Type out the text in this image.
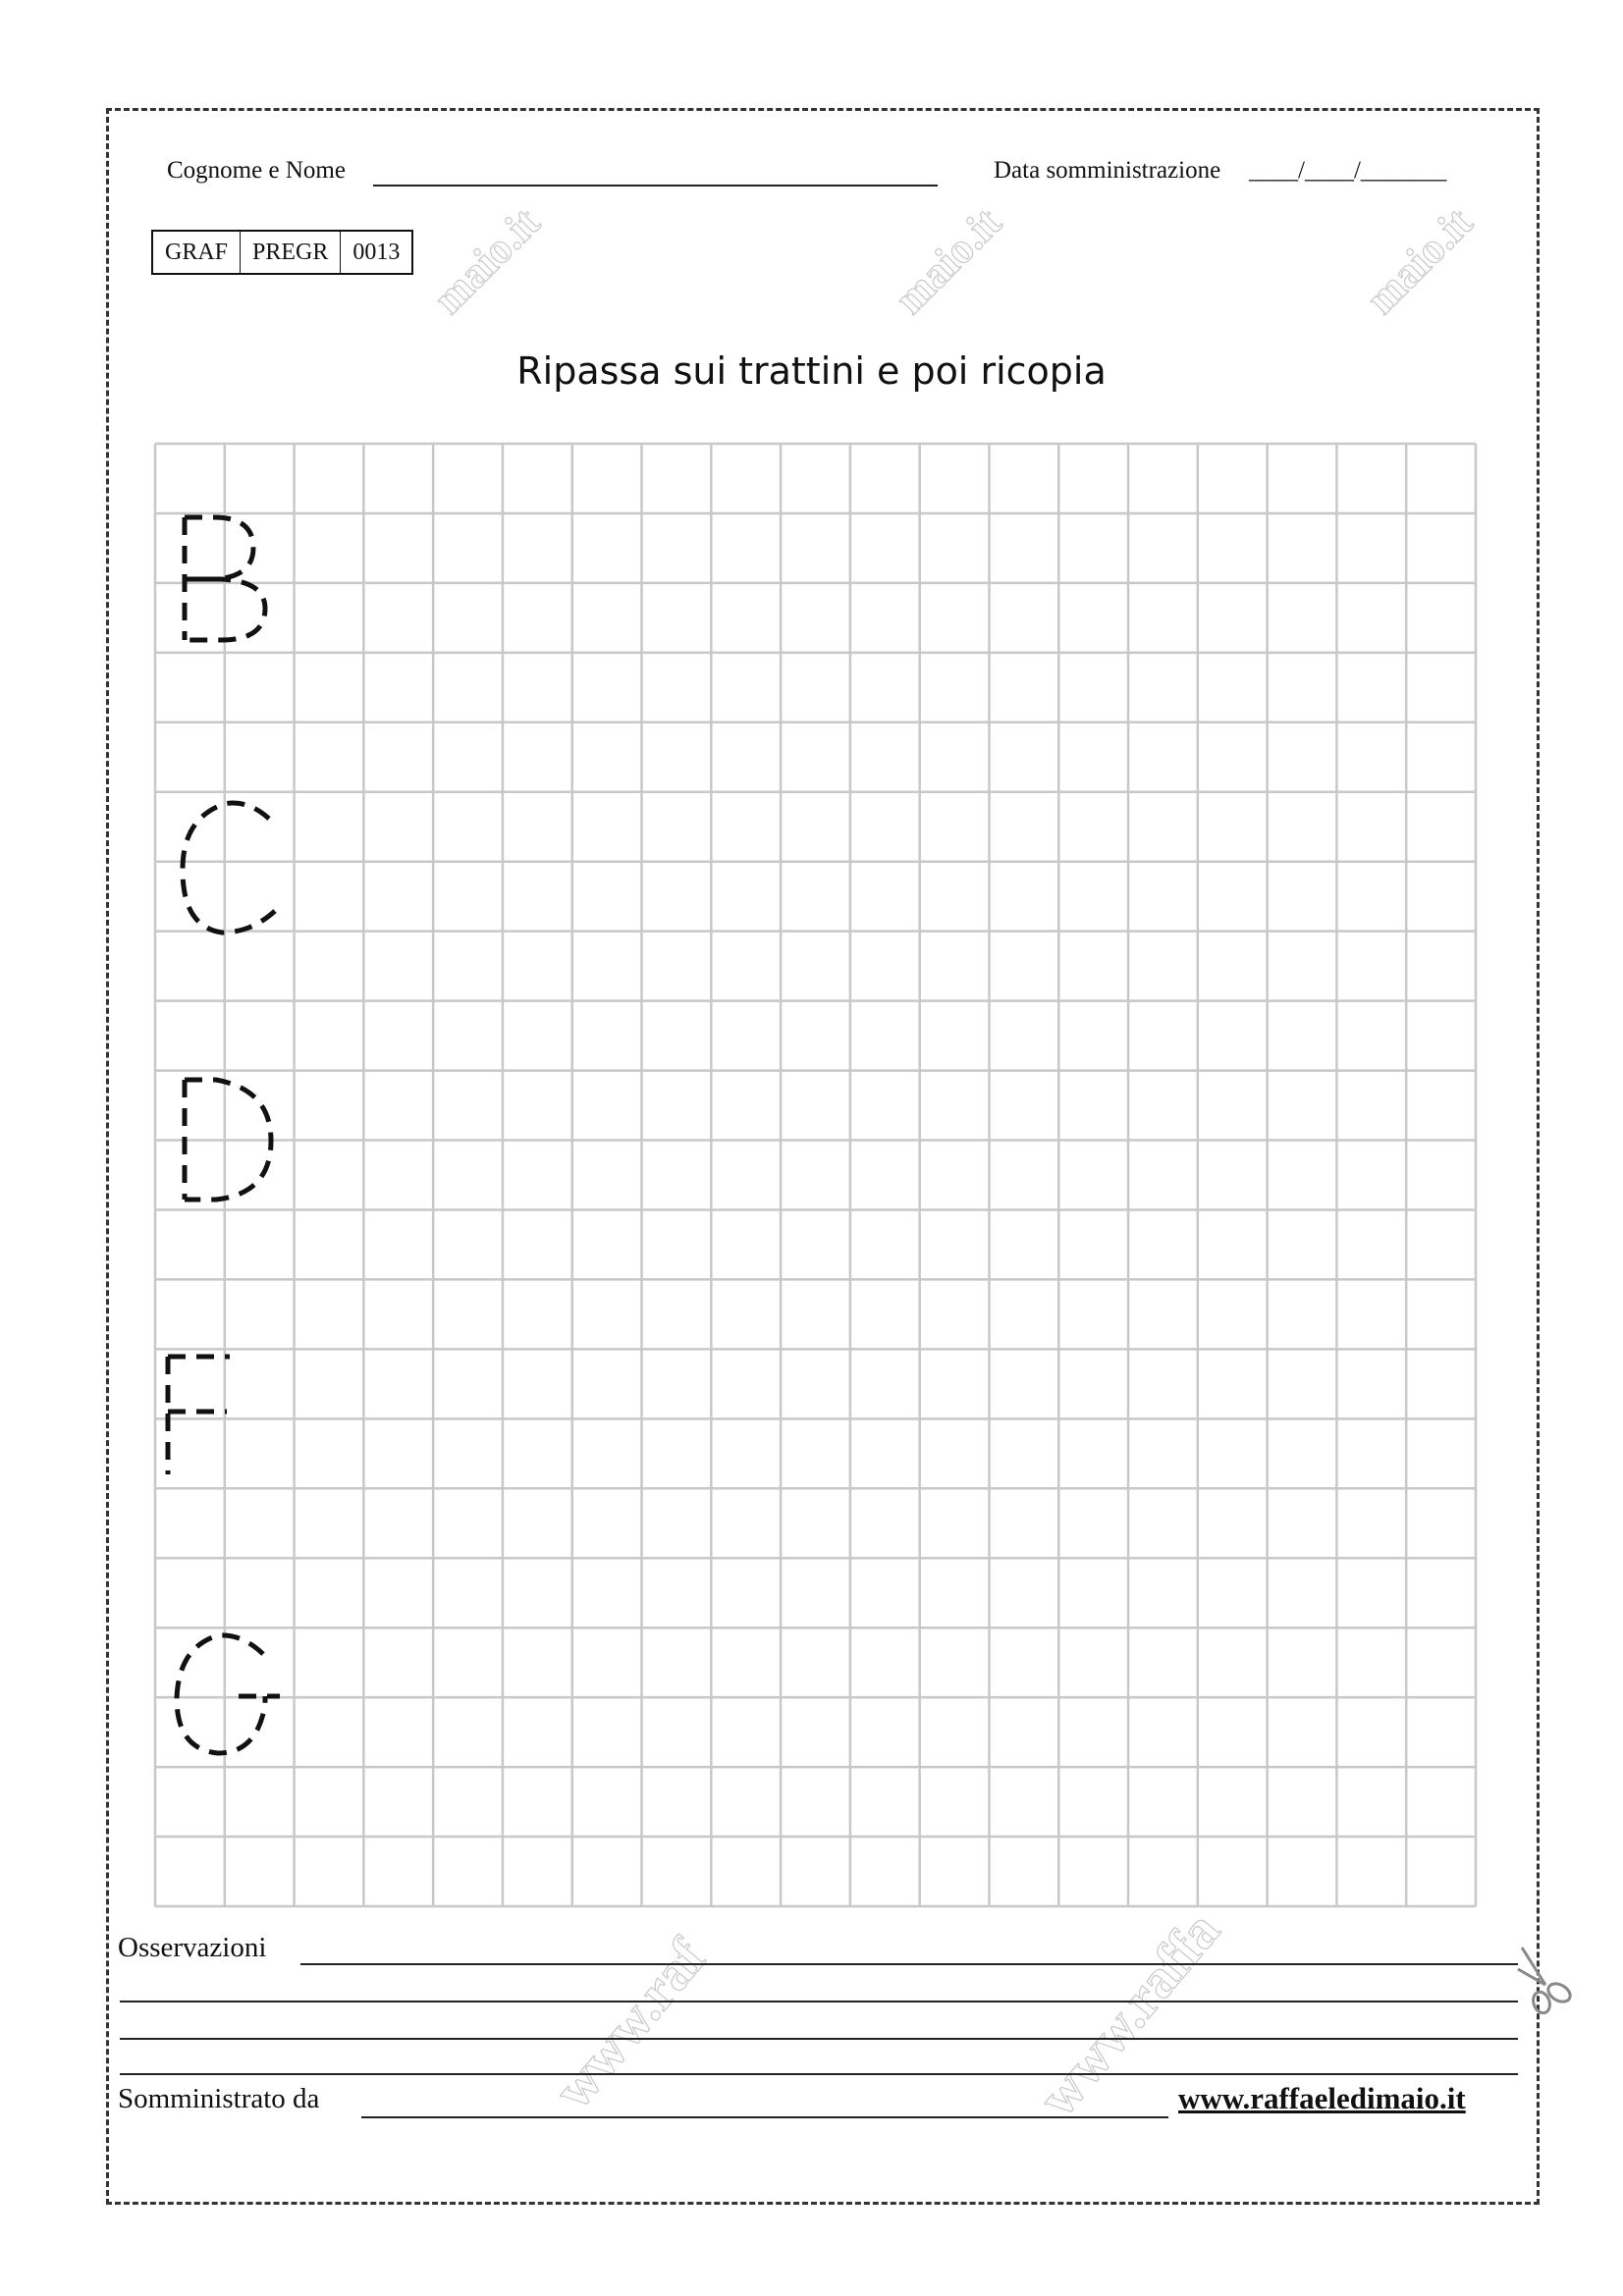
maio.it	maio.it	maio.it
www.raf	www.raffa
Cognome e Nome	Data somministrazione ____/____/_______
GRAF	PREGR	0013
Ripassa sui trattini e poi ricopia
Osservazioni
Somministrato da	www.raffaeledimaio.it
